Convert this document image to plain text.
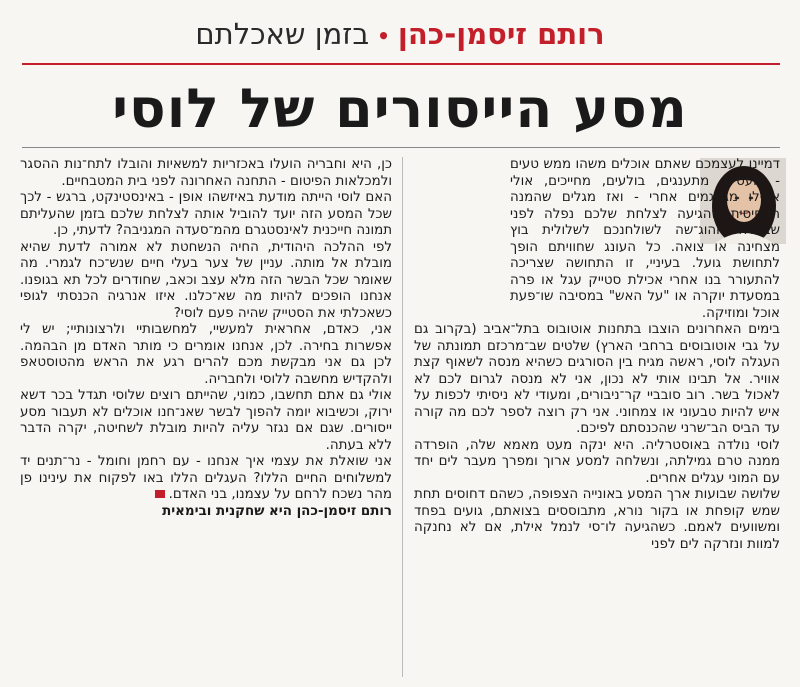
רותם זיסמן-כהן•בזמן שאכלתם
מסע הייסורים של לוסי

דמיינו לעצמכם שאתם אוכלים משהו ממש טעים - לועסים, מתענגים, בולעים, מחייכים, אולי אפילו מגמגמים אחרי - ואז מגלים שהמנה העסיסית שהגיעה לצלחת שלכם נפלה לפני שבושלה והוג־שה לשולחנכם לשלולית בוץ מצחינה או צואה. כל העונג שחוויתם הופך לתחושת גועל. בעיניי, זו התחושה שצריכה להתעורר בנו אחרי אכילת סטייק עגל או פרה במסעדת יוקרה או "על האש" במסיבה שו־פעת אוכל ומוזיקה.

בימים האחרונים הוצבו בתחנות אוטובוס בתל־אביב (בקרוב גם על גבי אוטובוסים ברחבי הארץ) שלטים שב־מרכזם תמונתה של העגלה לוסי, ראשה מגיח בין הסורגים כשהיא מנסה לשאוף קצת אוויר. אל תבינו אותי לא נכון, אני לא מנסה לגרום לכם לא לאכול בשר. רוב סובביי קר־ניבורים, ומעודי לא ניסיתי לכפות על איש להיות טבעוני או צמחוני. אני רק רוצה לספר לכם מה קורה עד הביס הב־שרני שהכנסתם לפיכם.

לוסי נולדה באוסטרליה. היא ינקה מעט מאמא שלה, הופרדה ממנה טרם גמילתה, ונשלחה למסע ארוך ומפרך מעבר לים יחד עם המוני עגלים אחרים.

שלושה שבועות ארך המסע באונייה הצפופה, כשהם דחוסים תחת שמש קופחת או בקור נורא, מתבוססים בצואתם, גועים בפחד ומשוועים לאמם. כשהגיעה לו־סי לנמל אילת, אם לא נחנקה למוות ונזרקה לים לפני

כן, היא וחבריה הועלו באכזריות למשאיות והובלו לתח־נות ההסגר ולמכלאות הפיטום - התחנה האחרונה לפני בית המטבחיים.

האם לוסי הייתה מודעת באיזשהו אופן - באינסטינקט, ברגש - לכך שכל המסע הזה יועד להוביל אותה לצלחת שלכם בזמן שהעליתם תמונה חייכנית לאינסטגרם מהמ־סעדה המגניבה? לדעתי, כן.

לפי ההלכה היהודית, החיה הנשחטת לא אמורה לדעת שהיא מובלת אל מותה. עניין של צער בעלי חיים שנש־כח לגמרי. מה שאומר שכל הבשר הזה מלא עצב וכאב, שחודרים לכל תא בגופנו. אנחנו הופכים להיות מה שא־כלנו. איזו אנרגיה הכנסתי לגופי כשאכלתי את הסטייק שהיה פעם לוסי?

אני, כאדם, אחראית למעשיי, למחשבותיי ולרצונותיי; יש לי אפשרות בחירה. לכן, אנחנו אומרים כי מותר האדם מן הבהמה. לכן גם אני מבקשת מכם להרים רגע את הראש מהטוסטאפ ולהקדיש מחשבה ללוסי ולחבריה.

אולי גם אתם תחשבו, כמוני, שהייתם רוצים שלוסי תגדל בכר דשא ירוק, וכשיבוא יומה להפוך לבשר שאנ־חנו אוכלים לא תעבור מסע ייסורים. שגם אם נגזר עליה להיות מובלת לשחיטה, יקרה הדבר ללא בעתה.

אני שואלת את עצמי איך אנחנו - עם רחמן וחומל - נר־תנים יד למשלוחים החיים הללו? העגלים הללו באו לפקוח את עינינו פן מהר נשכח לרחם על עצמנו, בני האדם.

רותם זיסמן-כהן היא שחקנית ובימאית
